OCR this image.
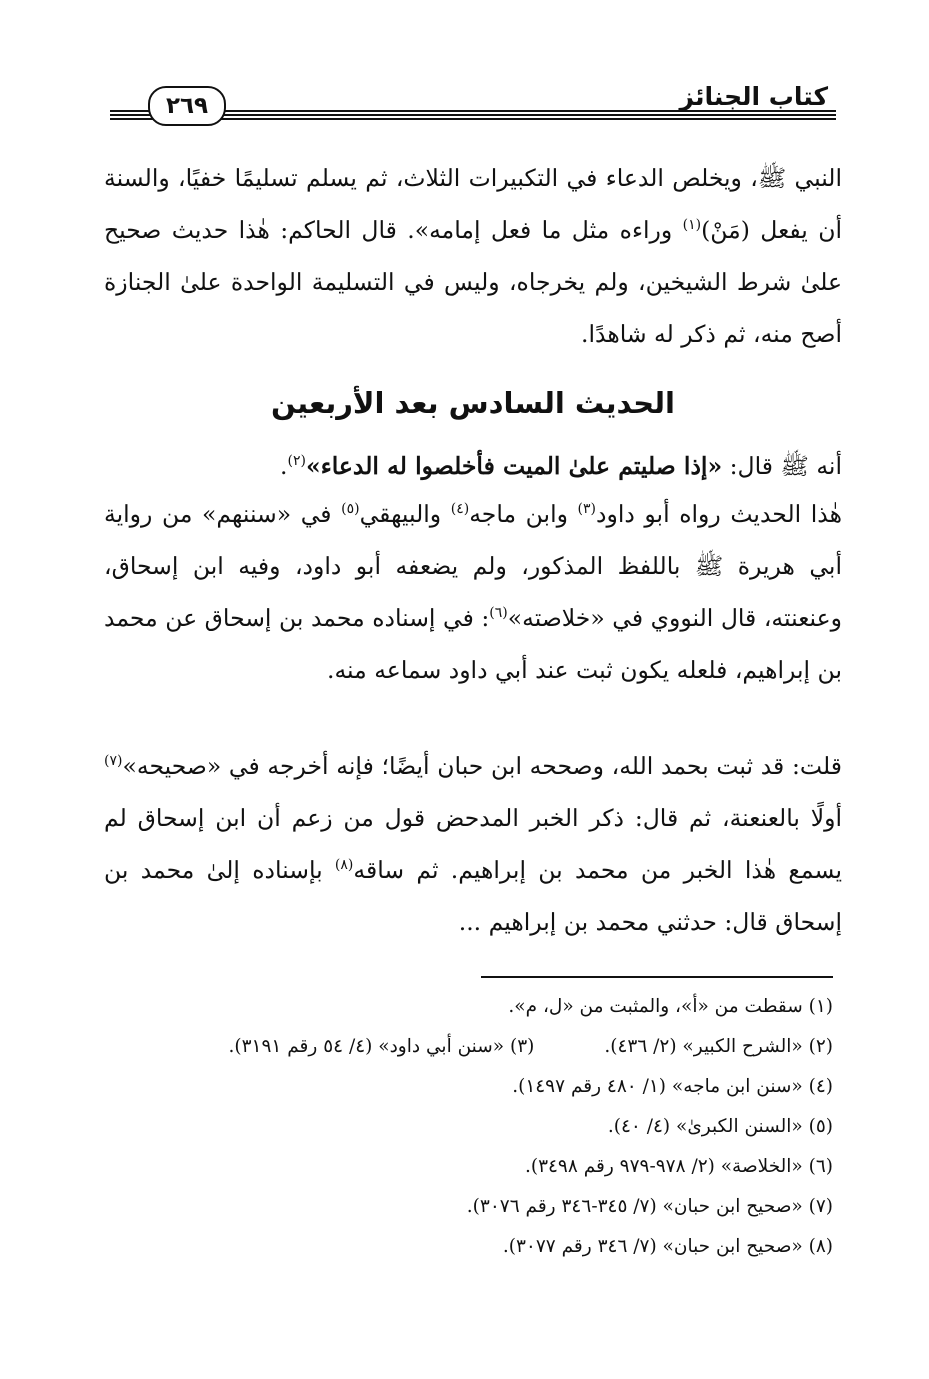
كتاب الجنائز
٢٦٩
النبي ﷺ، ويخلص الدعاء في التكبيرات الثلاث، ثم يسلم تسليمًا خفيًا، والسنة أن يفعل (مَنْ)$^{(١)}$ وراءه مثل ما فعل إمامه». قال الحاكم: هٰذا حديث صحيح علىٰ شرط الشيخين، ولم يخرجاه، وليس في التسليمة الواحدة علىٰ الجنازة أصح منه، ثم ذكر له شاهدًا.
الحديث السادس بعد الأربعين
أنه ﷺ قال: «إذا صليتم علىٰ الميت فأخلصوا له الدعاء»$^{(٢)}$.
هٰذا الحديث رواه أبو داود$^{(٣)}$ وابن ماجه$^{(٤)}$ والبيهقي$^{(٥)}$ في «سننهم» من رواية أبي هريرة ﷺ باللفظ المذكور، ولم يضعفه أبو داود، وفيه ابن إسحاق، وعنعنته، قال النووي في «خلاصته»$^{(٦)}$: في إسناده محمد بن إسحاق عن محمد بن إبراهيم، فلعله يكون ثبت عند أبي داود سماعه منه.
قلت: قد ثبت بحمد الله، وصححه ابن حبان أيضًا؛ فإنه أخرجه في «صحيحه»$^{(٧)}$ أولًا بالعنعنة، ثم قال: ذكر الخبر المدحض قول من زعم أن ابن إسحاق لم يسمع هٰذا الخبر من محمد بن إبراهيم. ثم ساقه$^{(٨)}$ بإسناده إلىٰ محمد بن إسحاق قال: حدثني محمد بن إبراهيم ...
(١) سقطت من «أ»، والمثبت من «ل، م».
(٢) «الشرح الكبير» (٢/ ٤٣٦).(٣) «سنن أبي داود» (٤/ ٥٤ رقم ٣١٩١).
(٤) «سنن ابن ماجه» (١/ ٤٨٠ رقم ١٤٩٧).
(٥) «السنن الكبرىٰ» (٤/ ٤٠).
(٦) «الخلاصة» (٢/ ٩٧٨-٩٧٩ رقم ٣٤٩٨).
(٧) «صحيح ابن حبان» (٧/ ٣٤٥-٣٤٦ رقم ٣٠٧٦).
(٨) «صحيح ابن حبان» (٧/ ٣٤٦ رقم ٣٠٧٧).
